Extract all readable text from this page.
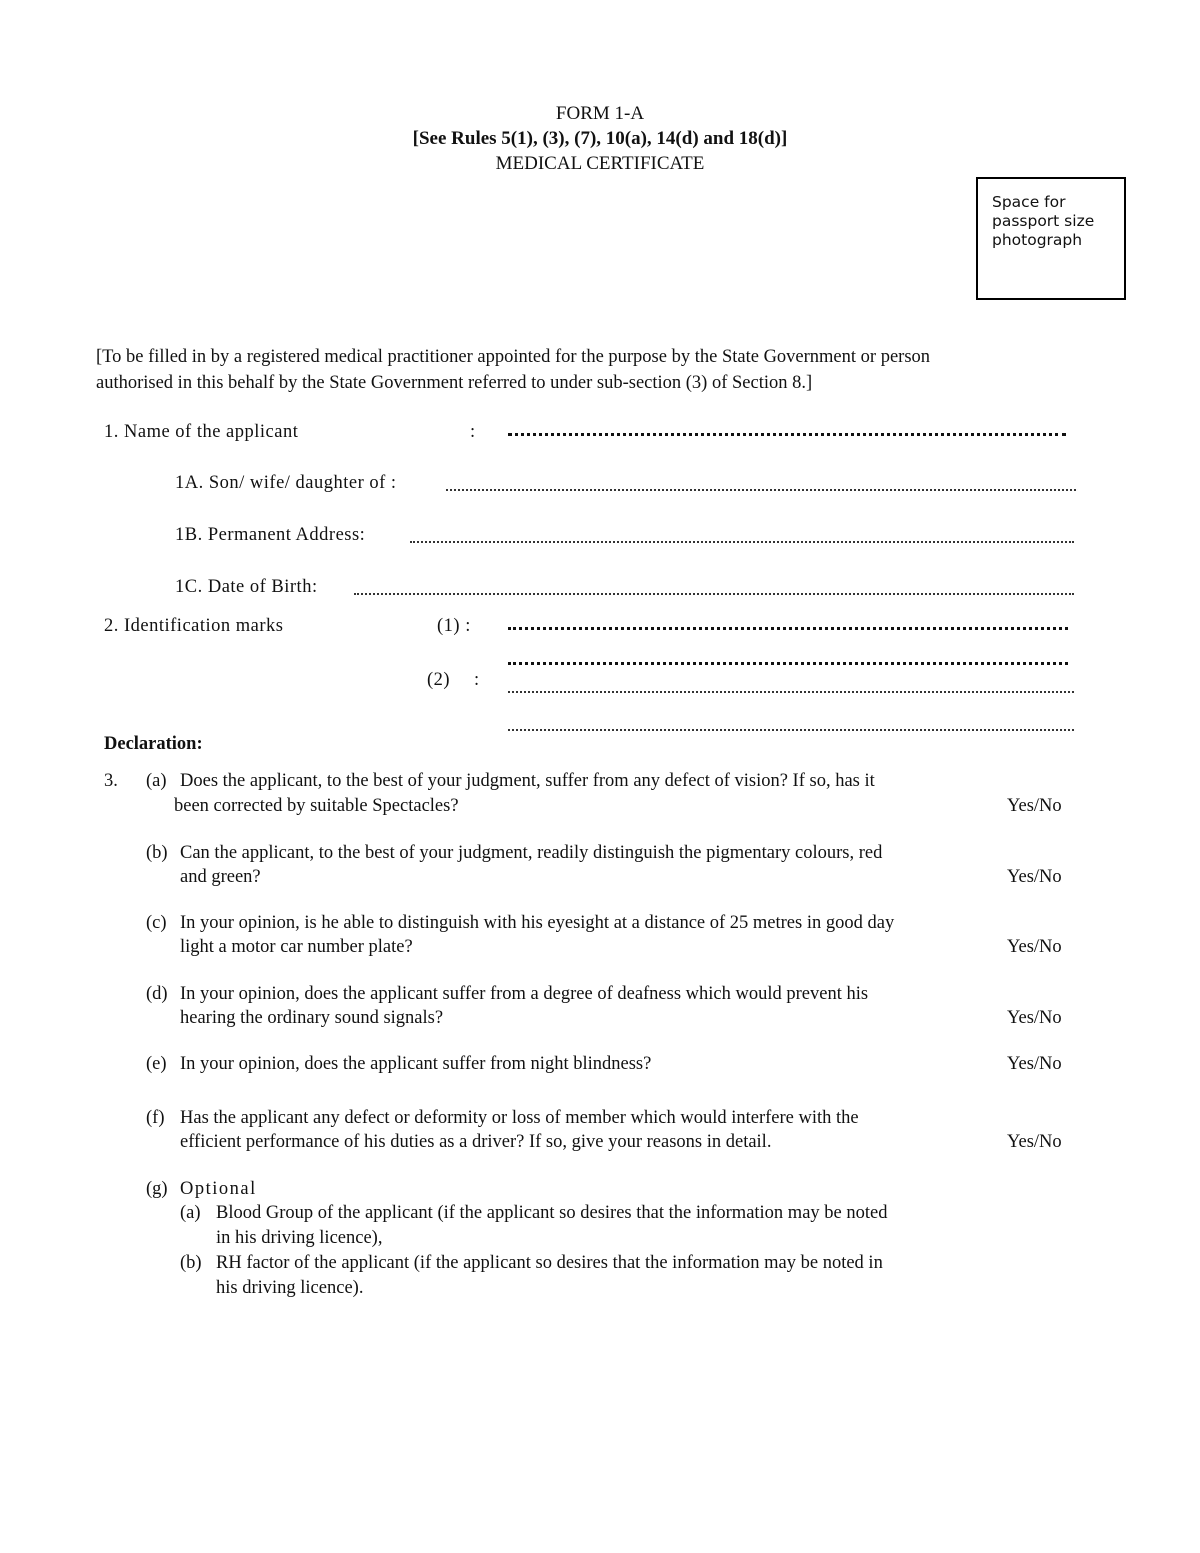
FORM 1-A
[See Rules 5(1), (3), (7), 10(a), 14(d) and 18(d)]
MEDICAL CERTIFICATE
Space for passport size photograph
[To be filled in by a registered medical practitioner appointed for the purpose by the State Government or person
authorised in this behalf by the State Government referred to under sub-section (3) of Section 8.]
1. Name of the applicant	:
1A. Son/ wife/ daughter of :
1B. Permanent Address:
1C. Date of Birth:
2. Identification marks	(1) :
(2) :
Declaration:
3. (a) Does the applicant, to the best of your judgment, suffer from any defect of vision? If so, has it
been corrected by suitable Spectacles?	Yes/No
(b) Can the applicant, to the best of your judgment, readily distinguish the pigmentary colours, red
and green?	Yes/No
(c) In your opinion, is he able to distinguish with his eyesight at a distance of 25 metres in good day
light a motor car number plate?	Yes/No
(d) In your opinion, does the applicant suffer from a degree of deafness which would prevent his
hearing the ordinary sound signals?	Yes/No
(e) In your opinion, does the applicant suffer from night blindness?	Yes/No
(f) Has the applicant any defect or deformity or loss of member which would interfere with the
efficient performance of his duties as a driver? If so, give your reasons in detail.	Yes/No
(g) Optional
(a) Blood Group of the applicant (if the applicant so desires that the information may be noted
in his driving licence),
(b) RH factor of the applicant (if the applicant so desires that the information may be noted in
his driving licence).
